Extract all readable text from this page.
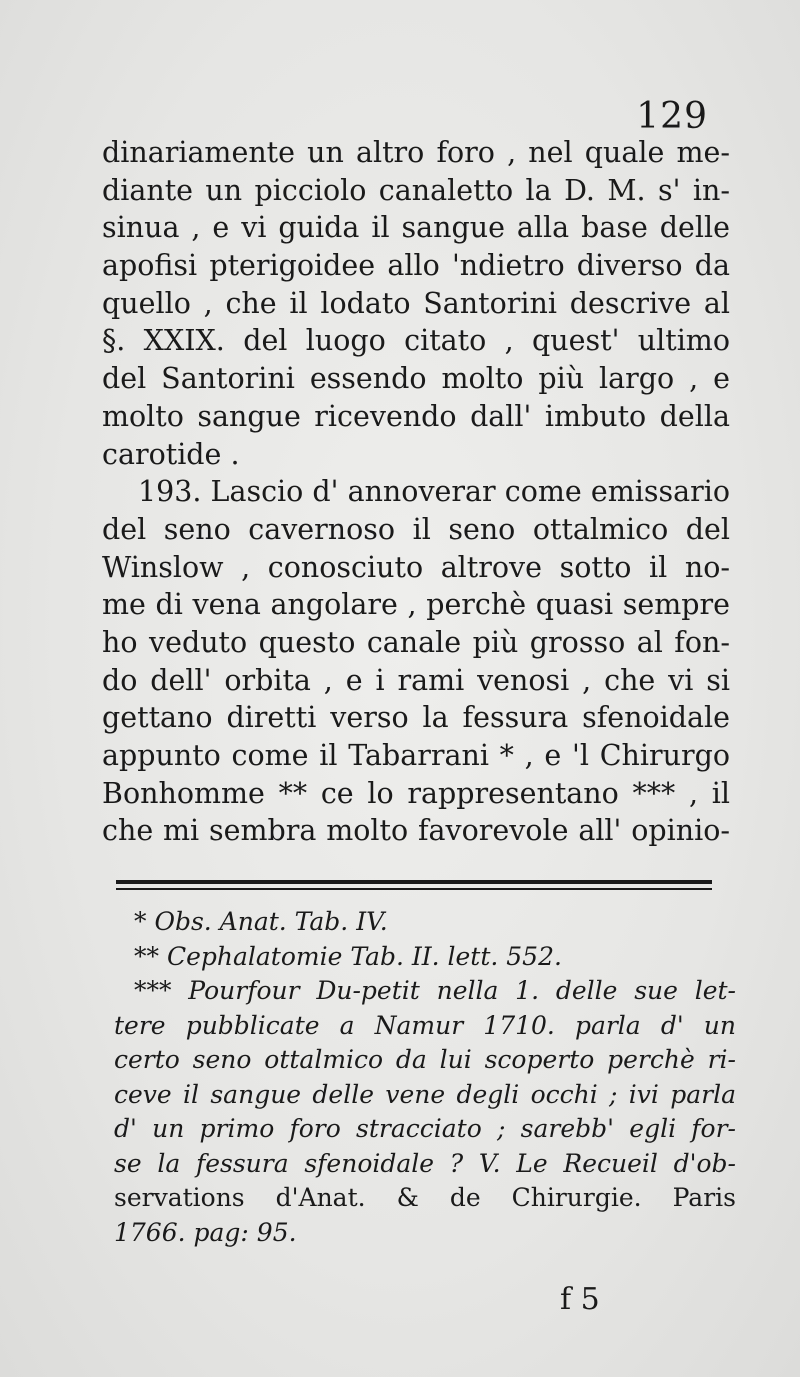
129
dinariamente un altro foro , nel quale me-
diante un picciolo canaletto la D. M. s' in-
sinua , e vi guida il sangue alla base delle
apofisi pterigoidee allo 'ndietro diverso da
quello , che il lodato Santorini descrive al
§. XXIX. del luogo citato , quest' ultimo
del Santorini essendo molto più largo , e
molto sangue ricevendo dall' imbuto della
carotide .
193. Lascio d' annoverar come emissario
del seno cavernoso il seno ottalmico del
Winslow , conosciuto altrove sotto il no-
me di vena angolare , perchè quasi sempre
ho veduto questo canale più grosso al fon-
do dell' orbita , e i rami venosi , che vi si
gettano diretti verso la fessura sfenoidale
appunto come il Tabarrani * , e 'l Chirurgo
Bonhomme ** ce lo rappresentano *** , il
che mi sembra molto favorevole all' opinio-
* Obs. Anat. Tab. IV.
** Cephalatomie Tab. II. lett. 552.
*** Pourfour Du-petit nella 1. delle sue let-
tere pubblicate a Namur 1710. parla d' un
certo seno ottalmico da lui scoperto perchè ri-
ceve il sangue delle vene degli occhi ; ivi parla
d' un primo foro stracciato ; sarebb' egli for-
se la fessura sfenoidale ? V. Le Recueil d'ob-
servations d'Anat. & de Chirurgie. Paris
1766. pag: 95.
f 5
